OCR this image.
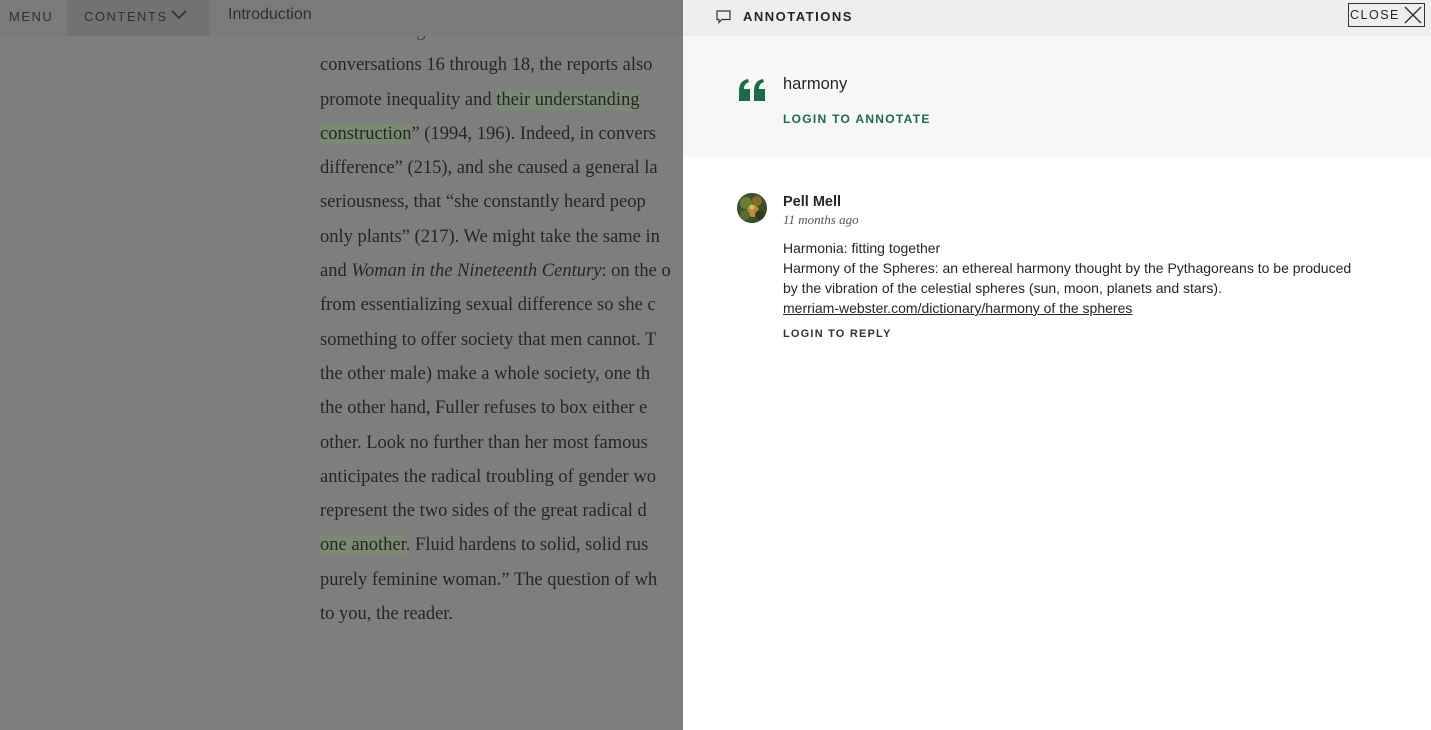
conversations 16 through 18, the reports also
promote inequality and their understanding
construction” (1994, 196). Indeed, in convers
difference” (215), and she caused a general la
seriousness, that “she constantly heard peop
only plants” (217). We might take the same in
and Woman in the Nineteenth Century: on the o
from essentializing sexual difference so she c
something to offer society that men cannot. T
the other male) make a whole society, one th
the other hand, Fuller refuses to box either e
other. Look no further than her most famous
anticipates the radical troubling of gender wo
represent the two sides of the great radical d
one another. Fluid hardens to solid, solid rus
purely feminine woman.” The question of wh
to you, the reader.
MENU CONTENTS	Introduction	ANNOTATIONS	CLOSE
harmony
LOGIN TO ANNOTATE
Pell Mell
11 months ago
Harmonia: fitting together
Harmony of the Spheres: an ethereal harmony thought by the Pythagoreans to be produced
by the vibration of the celestial spheres (sun, moon, planets and stars).
merriam-webster.com/dictionary/harmony of the spheres
LOGIN TO REPLY
